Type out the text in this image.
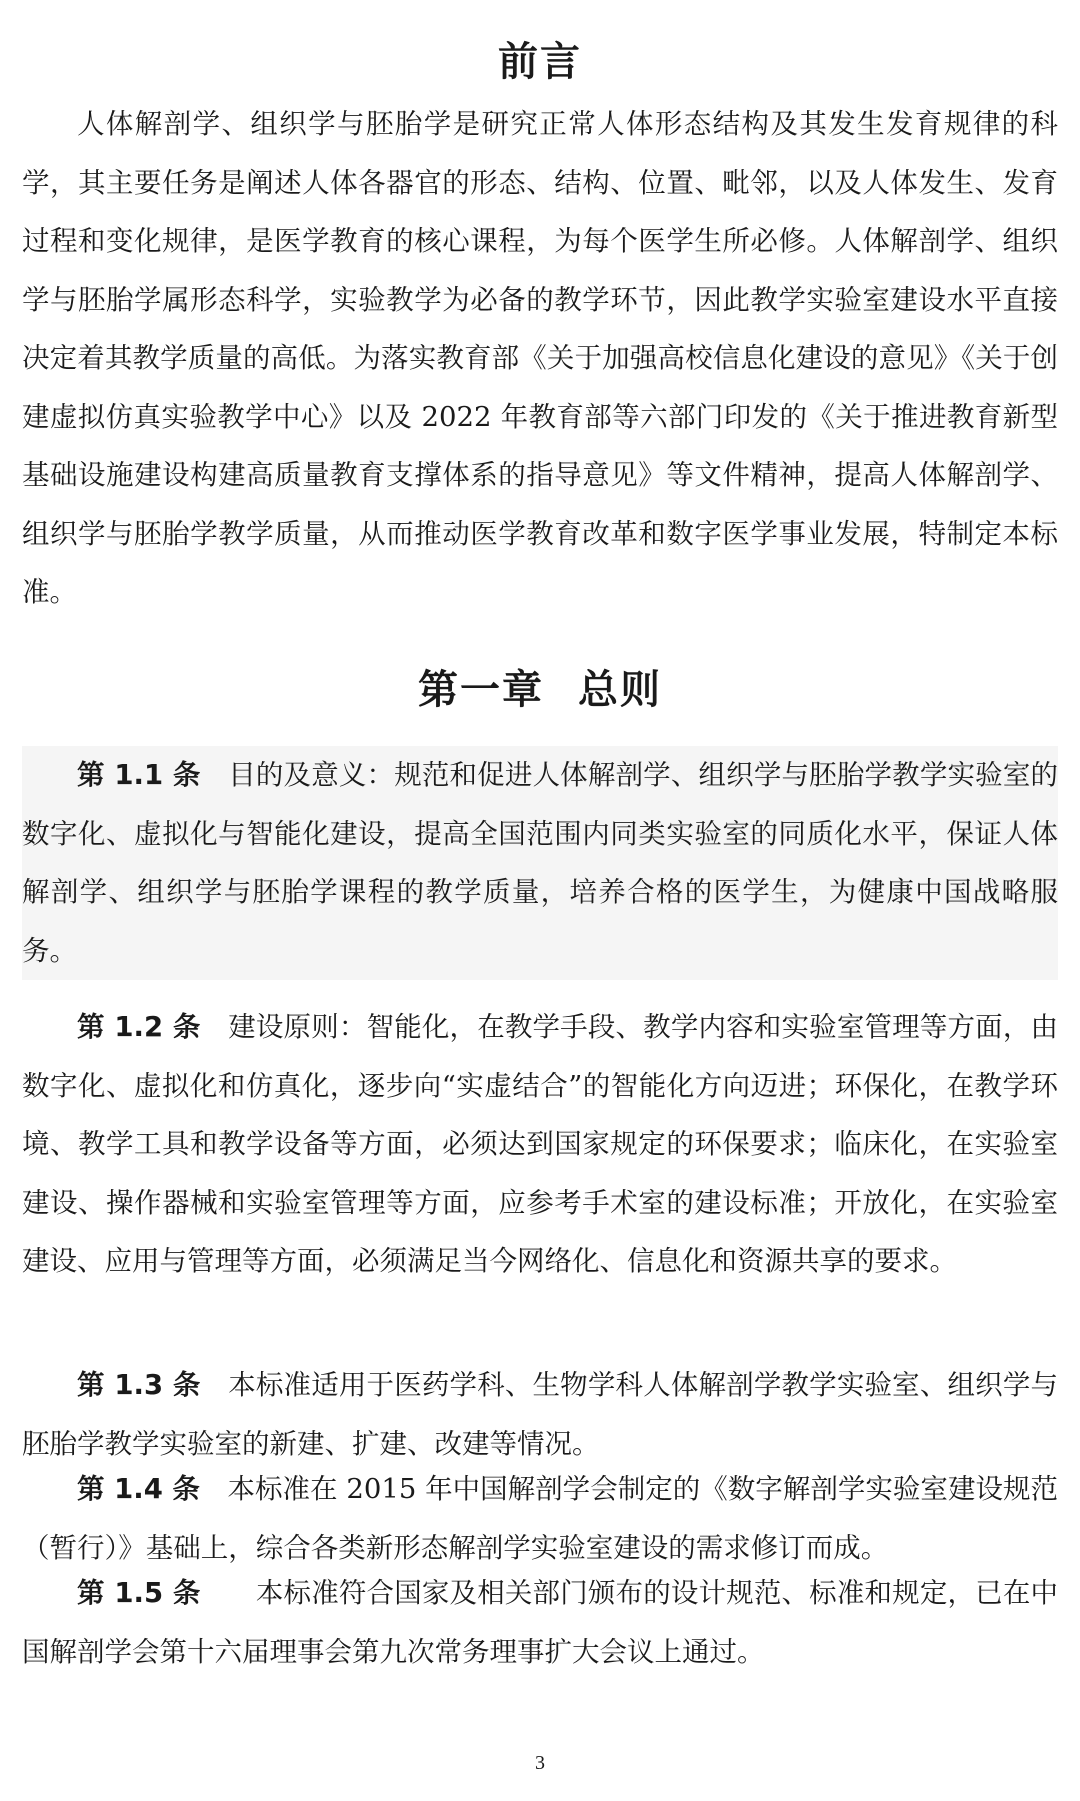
前言

人体解剖学、组织学与胚胎学是研究正常人体形态结构及其发生发育规律的科学，其主要任务是阐述人体各器官的形态、结构、位置、毗邻，以及人体发生、发育过程和变化规律，是医学教育的核心课程，为每个医学生所必修。人体解剖学、组织学与胚胎学属形态科学，实验教学为必备的教学环节，因此教学实验室建设水平直接决定着其教学质量的高低。为落实教育部《关于加强高校信息化建设的意见》《关于创建虚拟仿真实验教学中心》以及 2022 年教育部等六部门印发的《关于推进教育新型基础设施建设构建高质量教育支撑体系的指导意见》等文件精神，提高人体解剖学、组织学与胚胎学教学质量，从而推动医学教育改革和数字医学事业发展，特制定本标准。

第一章 总则

第 1.1 条　 目的及意义：规范和促进人体解剖学、组织学与胚胎学教学实验室的数字化、虚拟化与智能化建设，提高全国范围内同类实验室的同质化水平，保证人体解剖学、组织学与胚胎学课程的教学质量，培养合格的医学生，为健康中国战略服务。

第 1.2 条　 建设原则：智能化，在教学手段、教学内容和实验室管理等方面，由数字化、虚拟化和仿真化，逐步向“实虚结合”的智能化方向迈进；环保化，在教学环境、教学工具和教学设备等方面，必须达到国家规定的环保要求；临床化，在实验室建设、操作器械和实验室管理等方面，应参考手术室的建设标准；开放化，在实验室建设、应用与管理等方面，必须满足当今网络化、信息化和资源共享的要求。

第 1.3 条　 本标准适用于医药学科、生物学科人体解剖学教学实验室、组织学与胚胎学教学实验室的新建、扩建、改建等情况。

第 1.4 条　 本标准在 2015 年中国解剖学会制定的《数字解剖学实验室建设规范（暂行）》基础上，综合各类新形态解剖学实验室建设的需求修订而成。

第 1.5 条　　 本标准符合国家及相关部门颁布的设计规范、标准和规定，已在中国解剖学会第十六届理事会第九次常务理事扩大会议上通过。

3
